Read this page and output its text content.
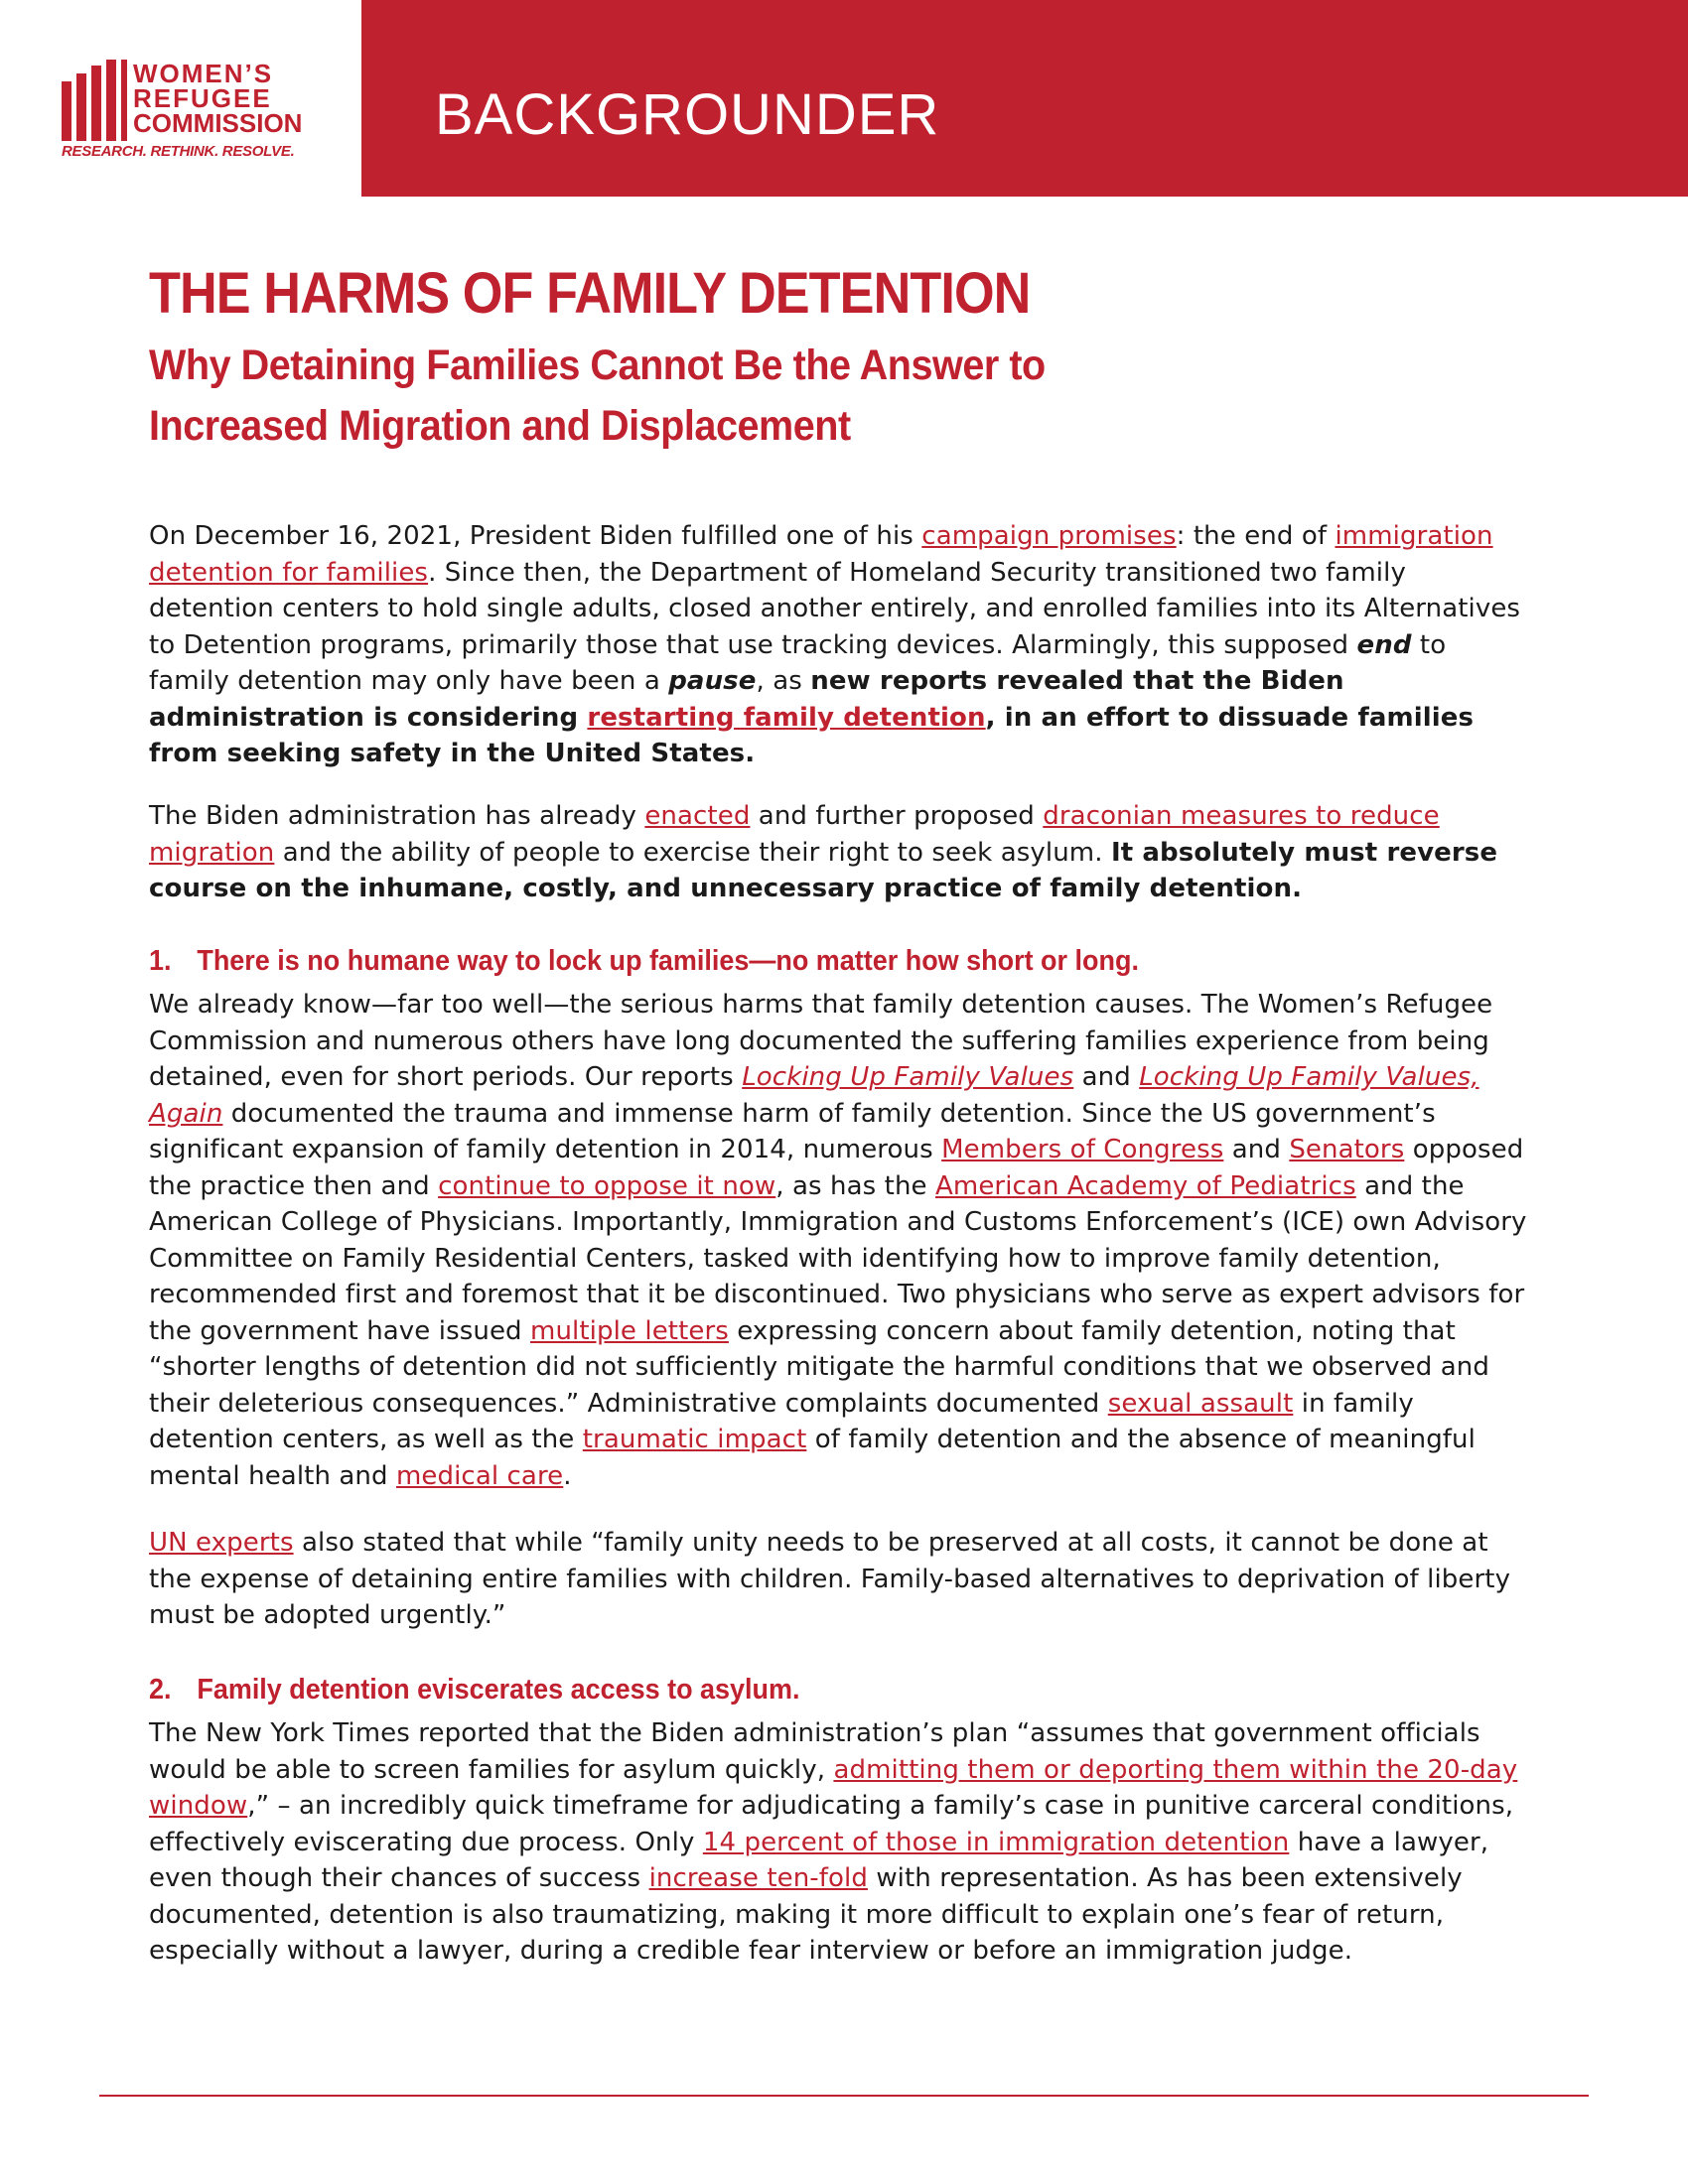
WOMEN’S
REFUGEE
COMMISSION
RESEARCH. RETHINK. RESOLVE.
BACKGROUNDER
THE HARMS OF FAMILY DETENTION
Why Detaining Families Cannot Be the Answer to Increased Migration and Displacement

On December 16, 2021, President Biden fulfilled one of his campaign promises: the end of immigration detention for families. Since then, the Department of Homeland Security transitioned two family detention centers to hold single adults, closed another entirely, and enrolled families into its Alternatives to Detention programs, primarily those that use tracking devices. Alarmingly, this supposed end to family detention may only have been a pause, as new reports revealed that the Biden administration is considering restarting family detention, in an effort to dissuade families from seeking safety in the United States.

The Biden administration has already enacted and further proposed draconian measures to reduce migration and the ability of people to exercise their right to seek asylum. It absolutely must reverse course on the inhumane, costly, and unnecessary practice of family detention.

1. There is no humane way to lock up families—no matter how short or long.

We already know—far too well—the serious harms that family detention causes. The Women’s Refugee Commission and numerous others have long documented the suffering families experience from being detained, even for short periods. Our reports Locking Up Family Values and Locking Up Family Values, Again documented the trauma and immense harm of family detention. Since the US government’s significant expansion of family detention in 2014, numerous Members of Congress and Senators opposed the practice then and continue to oppose it now, as has the American Academy of Pediatrics and the American College of Physicians. Importantly, Immigration and Customs Enforcement’s (ICE) own Advisory Committee on Family Residential Centers, tasked with identifying how to improve family detention, recommended first and foremost that it be discontinued. Two physicians who serve as expert advisors for the government have issued multiple letters expressing concern about family detention, noting that “shorter lengths of detention did not sufficiently mitigate the harmful conditions that we observed and their deleterious consequences.” Administrative complaints documented sexual assault in family detention centers, as well as the traumatic impact of family detention and the absence of meaningful mental health and medical care.

UN experts also stated that while “family unity needs to be preserved at all costs, it cannot be done at the expense of detaining entire families with children. Family-based alternatives to deprivation of liberty must be adopted urgently.”

2. Family detention eviscerates access to asylum.

The New York Times reported that the Biden administration’s plan “assumes that government officials would be able to screen families for asylum quickly, admitting them or deporting them within the 20-day window,” – an incredibly quick timeframe for adjudicating a family’s case in punitive carceral conditions, effectively eviscerating due process. Only 14 percent of those in immigration detention have a lawyer, even though their chances of success increase ten-fold with representation. As has been extensively documented, detention is also traumatizing, making it more difficult to explain one’s fear of return, especially without a lawyer, during a credible fear interview or before an immigration judge.
